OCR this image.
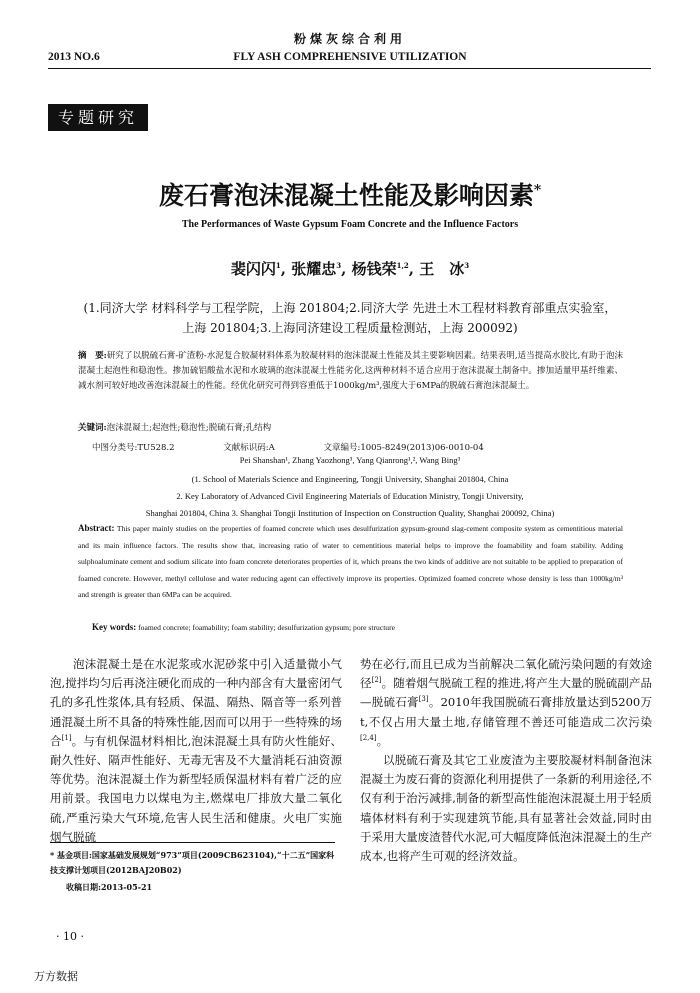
粉煤灰综合利用
2013 NO.6	FLY ASH COMPREHENSIVE UTILIZATION
专题研究
废石膏泡沫混凝土性能及影响因素*
The Performances of Waste Gypsum Foam Concrete and the Influence Factors
裴闪闪$^1$, 张耀忠$^3$, 杨钱荣$^{1,2}$, 王　冰$^3$
(1.同济大学 材料科学与工程学院，上海 201804;2.同济大学 先进土木工程材料教育部重点实验室，
上海 201804;3.上海同济建设工程质量检测站，上海 200092)
摘　要:研究了以脱硫石膏-矿渣粉-水泥复合胶凝材料体系为胶凝材料的泡沫混凝土性能及其主要影响因素。结果表明,适当提高水胶比,有助于泡沫混凝土起泡性和稳泡性。掺加硫铝酸盐水泥和水玻璃的泡沫混凝土性能劣化,这两种材料不适合应用于泡沫混凝土制备中。掺加适量甲基纤维素、减水剂可较好地改善泡沫混凝土的性能。经优化研究可得到容重低于1000kg/m³,强度大于6MPa的脱硫石膏泡沫混凝土。
关键词:泡沫混凝土;起泡性;稳泡性;脱硫石膏;孔结构
中图分类号:TU528.2	文献标识码:A	文章编号:1005-8249(2013)06-0010-04
Pei Shanshan¹, Zhang Yaozhong³, Yang Qianrong¹,², Wang Bing³
(1. School of Materials Science and Engineering, Tongji University, Shanghai 201804, China
2. Key Laboratory of Advanced Civil Engineering Materials of Education Ministry, Tongji University,
Shanghai 201804, China 3. Shanghai Tongji Institution of Inspection on Construction Quality, Shanghai 200092, China)
Abstract: This paper mainly studies on the properties of foamed concrete which uses desulfurization gypsum-ground slag-cement composite system as cementitious material and its main influence factors. The results show that, increasing ratio of water to cementitious material helps to improve the foamability and foam stability. Adding sulphoaluminate cement and sodium silicate into foam concrete deteriorates properties of it, which preans the two kinds of additive are not suitable to be applied to preparation of foamed concrete. However, methyl cellulose and water reducing agent can effectively improve its properties. Optimized foamed concrete whose density is less than 1000kg/m³ and strength is greater than 6MPa can be acquired.
Key words: foamed concrete; foamability; foam stability; desulfurization gypsum; pore structure

泡沫混凝土是在水泥浆或水泥砂浆中引入适量微小气泡,搅拌均匀后再浇注硬化而成的一种内部含有大量密闭气孔的多孔性浆体,具有轻质、保温、隔热、隔音等一系列普通混凝土所不具备的特殊性能,因而可以用于一些特殊的场合[1]。与有机保温材料相比,泡沫混凝土具有防火性能好、耐久性好、隔声性能好、无毒无害及不大量消耗石油资源等优势。泡沫混凝土作为新型轻质保温材料有着广泛的应用前景。我国电力以煤电为主,燃煤电厂排放大量二氧化硫,严重污染大气环境,危害人民生活和健康。火电厂实施烟气脱硫

势在必行,而且已成为当前解决二氧化硫污染问题的有效途径[2]。随着烟气脱硫工程的推进,将产生大量的脱硫副产品—脱硫石膏[3]。2010年我国脱硫石膏排放量达到5200万t,不仅占用大量土地,存储管理不善还可能造成二次污染[2,4]。

以脱硫石膏及其它工业废渣为主要胶凝材料制备泡沫混凝土为废石膏的资源化利用提供了一条新的利用途径,不仅有利于治污减排,制备的新型高性能泡沫混凝土用于轻质墙体材料有利于实现建筑节能,具有显著社会效益,同时由于采用大量废渣替代水泥,可大幅度降低泡沫混凝土的生产成本,也将产生可观的经济效益。

* 基金项目:国家基础发展规划“973”项目(2009CB623104),“十二五”国家科技支撑计划项目(2012BAJ20B02)
收稿日期:2013-05-21
· 10 ·
万方数据
